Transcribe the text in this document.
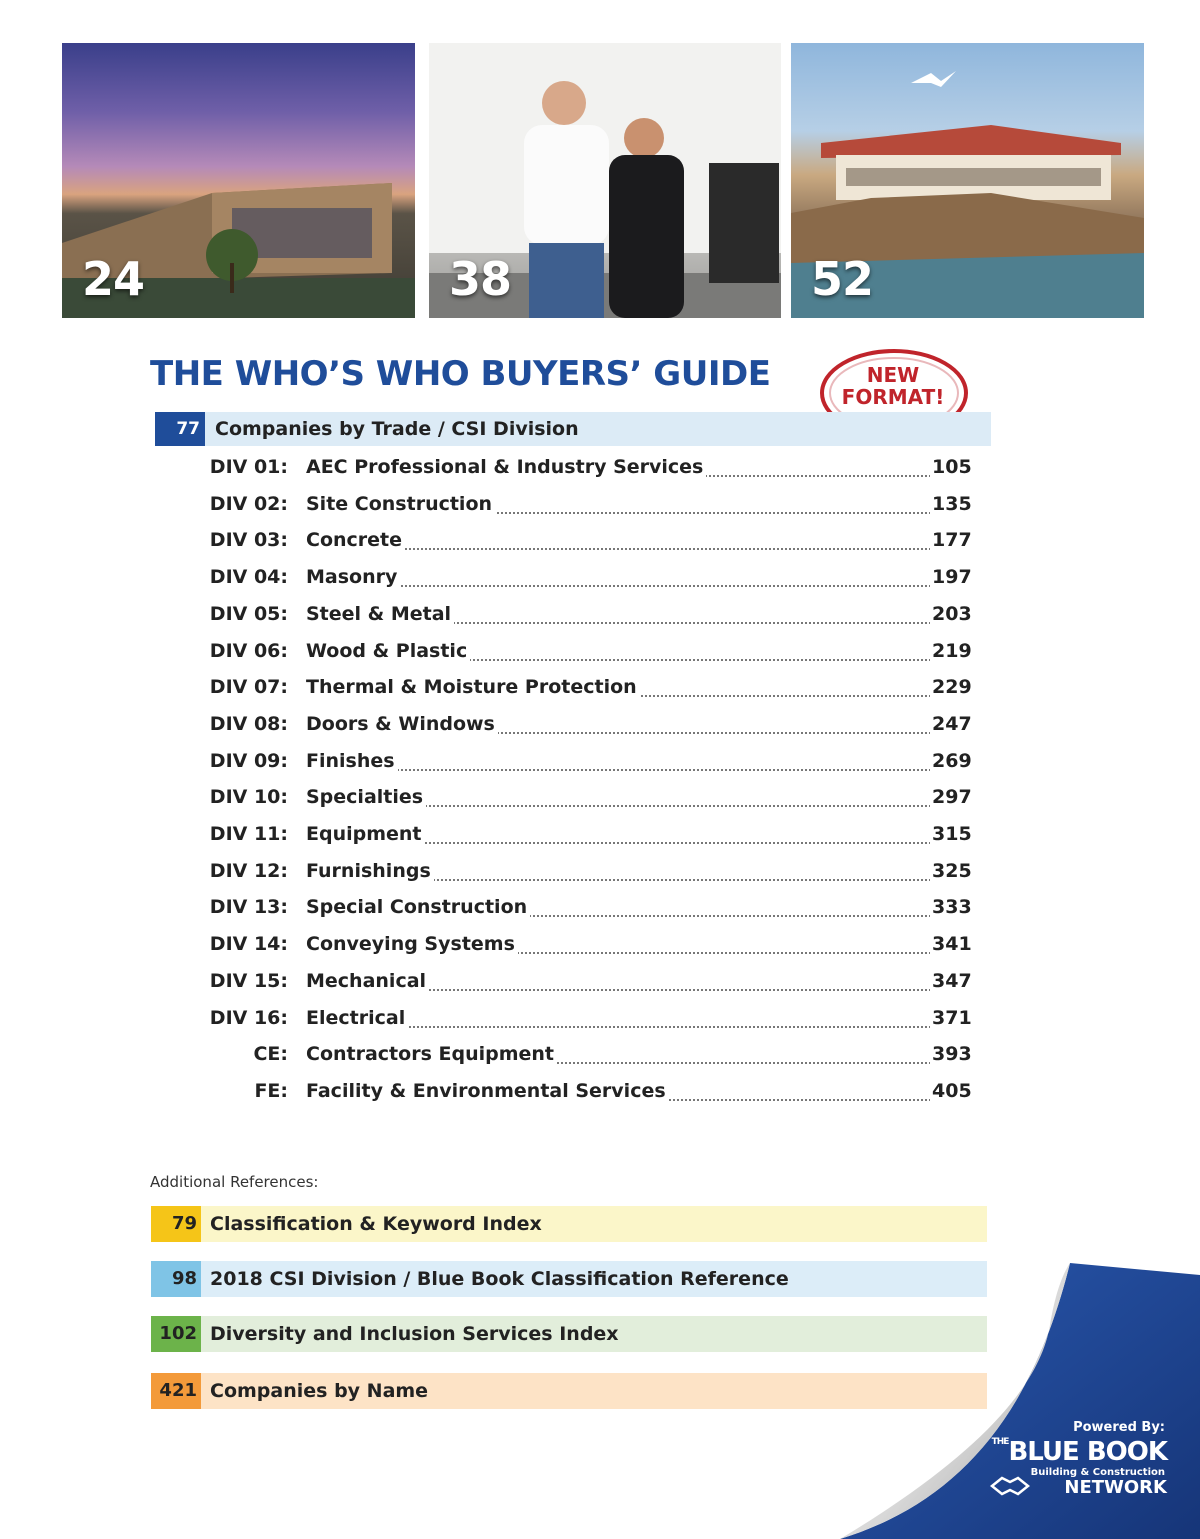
24	38	52
THE WHO’S WHO BUYERS’ GUIDE	NEW
FORMAT!
77 Companies by Trade / CSI Division
DIV 01: AEC Professional & Industry Services	105
DIV 02: Site Construction	135
DIV 03: Concrete	177
DIV 04: Masonry	197
DIV 05: Steel & Metal	203
DIV 06: Wood & Plastic	219
DIV 07: Thermal & Moisture Protection	229
DIV 08: Doors & Windows	247
DIV 09: Finishes	269
DIV 10: Specialties	297
DIV 11: Equipment	315
DIV 12: Furnishings	325
DIV 13: Special Construction	333
DIV 14: Conveying Systems	341
DIV 15: Mechanical	347
DIV 16: Electrical	371
CE: Contractors Equipment	393
FE: Facility & Environmental Services	405
Additional References:
79 Classification & Keyword Index
98 2018 CSI Division / Blue Book Classification Reference
102 Diversity and Inclusion Services Index
421 Companies by Name
Powered By:
$^{THE}$BLUE BOOK
Building & Construction
NETWORK
